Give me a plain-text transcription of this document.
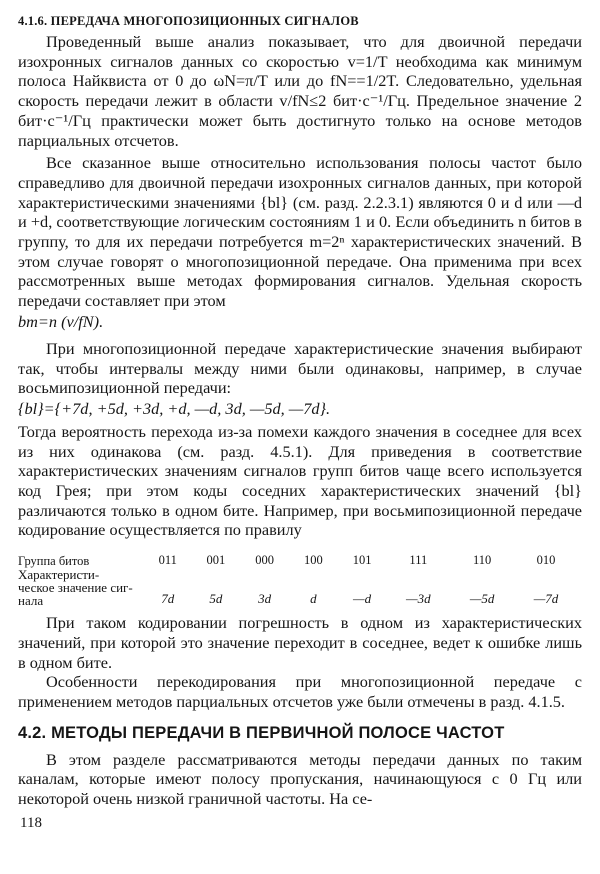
4.1.6. ПЕРЕДАЧА МНОГОПОЗИЦИОННЫХ СИГНАЛОВ

Проведенный выше анализ показывает, что для двоичной передачи изохронных сигналов данных со скоростью v=1/T необходима как минимум полоса Найквиста от 0 до ωN=π/T или до fN==1/2T. Следовательно, удельная скорость передачи лежит в области v/fN≤2 бит·с⁻¹/Гц. Предельное значение 2 бит·с⁻¹/Гц практически может быть достигнуто только на основе методов парциальных отсчетов.

Все сказанное выше относительно использования полосы частот было справедливо для двоичной передачи изохронных сигналов данных, при которой характеристическими значениями {bl} (см. разд. 2.2.3.1) являются 0 и d или —d и +d, соответствующие логическим состояниям 1 и 0. Если объединить n битов в группу, то для их передачи потребуется m=2ⁿ характеристических значений. В этом случае говорят о многопозиционной передаче. Она применима при всех рассмотренных выше методах формирования сигналов. Удельная скорость передачи составляет при этом

bm=n (v/fN).

При многопозиционной передаче характеристические значения выбирают так, чтобы интервалы между ними были одинаковы, например, в случае восьмипозиционной передачи:

{bl}={+7d, +5d, +3d, +d, —d, 3d, —5d, —7d}.

Тогда вероятность перехода из-за помехи каждого значения в соседнее для всех из них одинакова (см. разд. 4.5.1). Для приведения в соответствие характеристических значениям сигналов групп битов чаще всего используется код Грея; при этом коды соседних характеристических значений {bl} различаются только в одном бите. Например, при восьмипозиционной передаче кодирование осуществляется по правилу

Группа битов	011	001	000	100	101	111	110	010
Характеристи-
ческое значение сиг-
нала	7d	5d	3d	d	—d	—3d	—5d	—7d

При таком кодировании погрешность в одном из характеристических значений, при которой это значение переходит в соседнее, ведет к ошибке лишь в одном бите.

Особенности перекодирования при многопозиционной передаче с применением методов парциальных отсчетов уже были отмечены в разд. 4.1.5.

4.2. МЕТОДЫ ПЕРЕДАЧИ В ПЕРВИЧНОЙ ПОЛОСЕ ЧАСТОТ

В этом разделе рассматриваются методы передачи данных по таким каналам, которые имеют полосу пропускания, начинающуюся с 0 Гц или некоторой очень низкой граничной частоты. На се-

118
